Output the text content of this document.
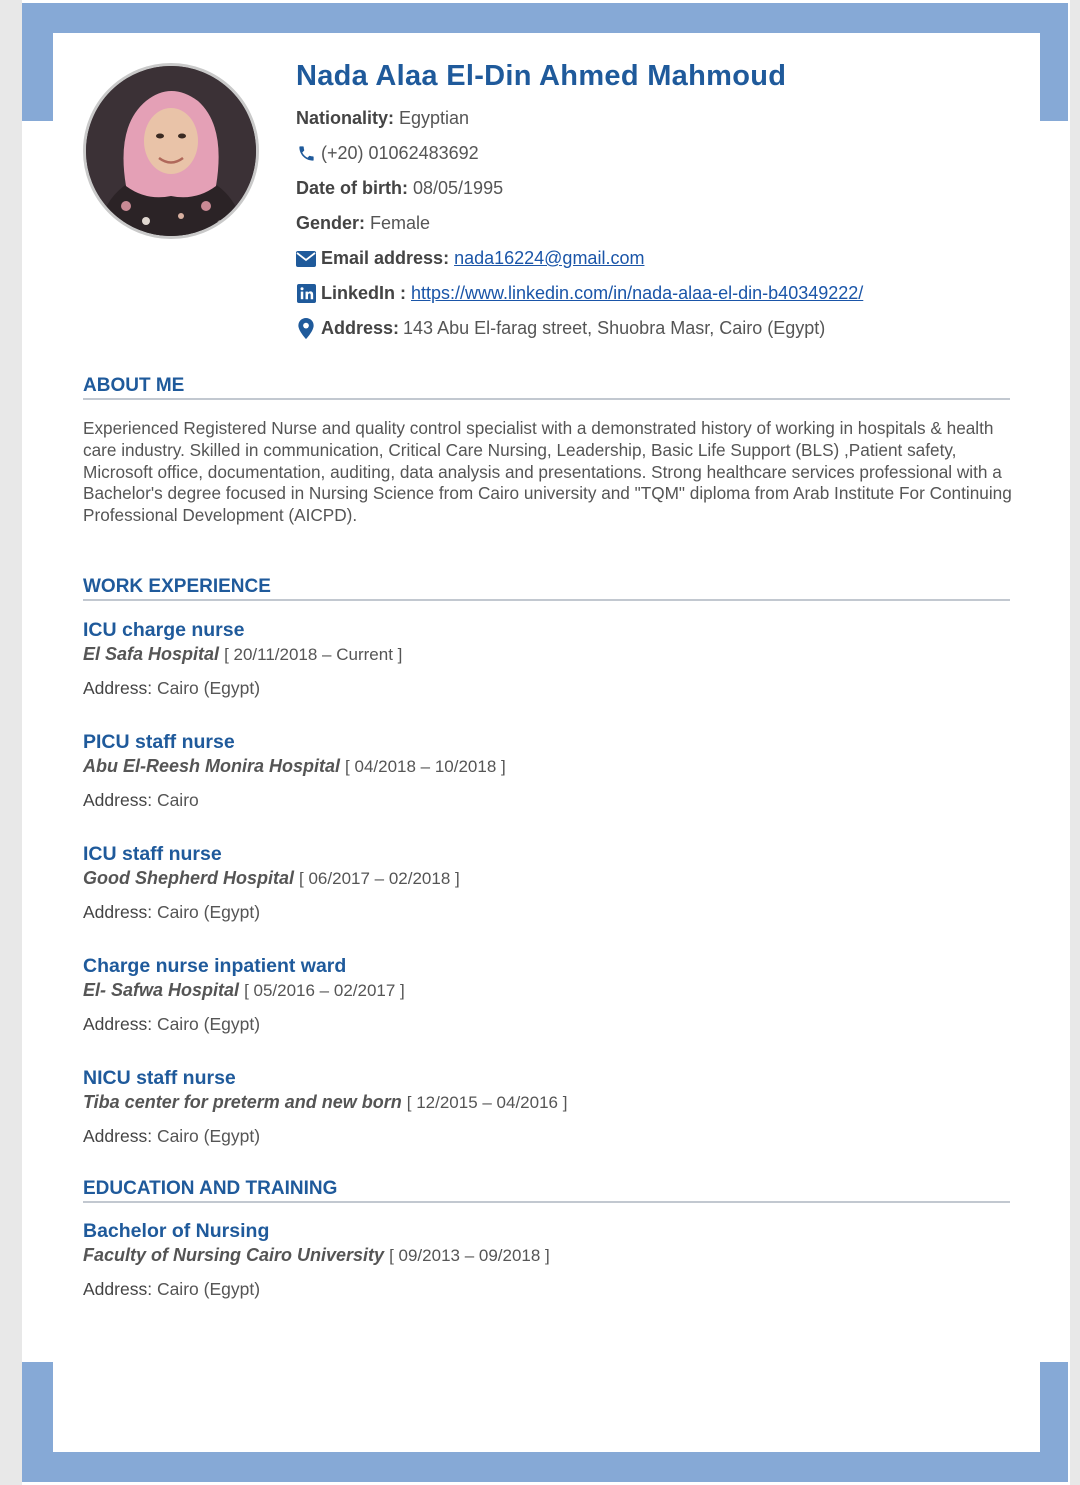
Nada Alaa El-Din Ahmed Mahmoud
Nationality: Egyptian
(+20) 01062483692
Date of birth: 08/05/1995
Gender: Female
Email address: nada16224@gmail.com
LinkedIn : https://www.linkedin.com/in/nada-alaa-el-din-b40349222/
Address: 143 Abu El-farag street, Shuobra Masr, Cairo (Egypt)
ABOUT ME
Experienced Registered Nurse and quality control specialist with a demonstrated history of working in hospitals & health care industry. Skilled in communication, Critical Care Nursing, Leadership, Basic Life Support (BLS) ,Patient safety, Microsoft office, documentation, auditing, data analysis and presentations. Strong healthcare services professional with a Bachelor's degree focused in Nursing Science from Cairo university and "TQM" diploma from Arab Institute For Continuing Professional Development (AICPD).
WORK EXPERIENCE
ICU charge nurse
El Safa Hospital [ 20/11/2018 – Current ]
Address: Cairo (Egypt)
PICU staff nurse
Abu El-Reesh Monira Hospital [ 04/2018 – 10/2018 ]
Address: Cairo
ICU staff nurse
Good Shepherd Hospital [ 06/2017 – 02/2018 ]
Address: Cairo (Egypt)
Charge nurse inpatient ward
El- Safwa Hospital [ 05/2016 – 02/2017 ]
Address: Cairo (Egypt)
NICU staff nurse
Tiba center for preterm and new born [ 12/2015 – 04/2016 ]
Address: Cairo (Egypt)
EDUCATION AND TRAINING
Bachelor of Nursing
Faculty of Nursing Cairo University [ 09/2013 – 09/2018 ]
Address: Cairo (Egypt)
